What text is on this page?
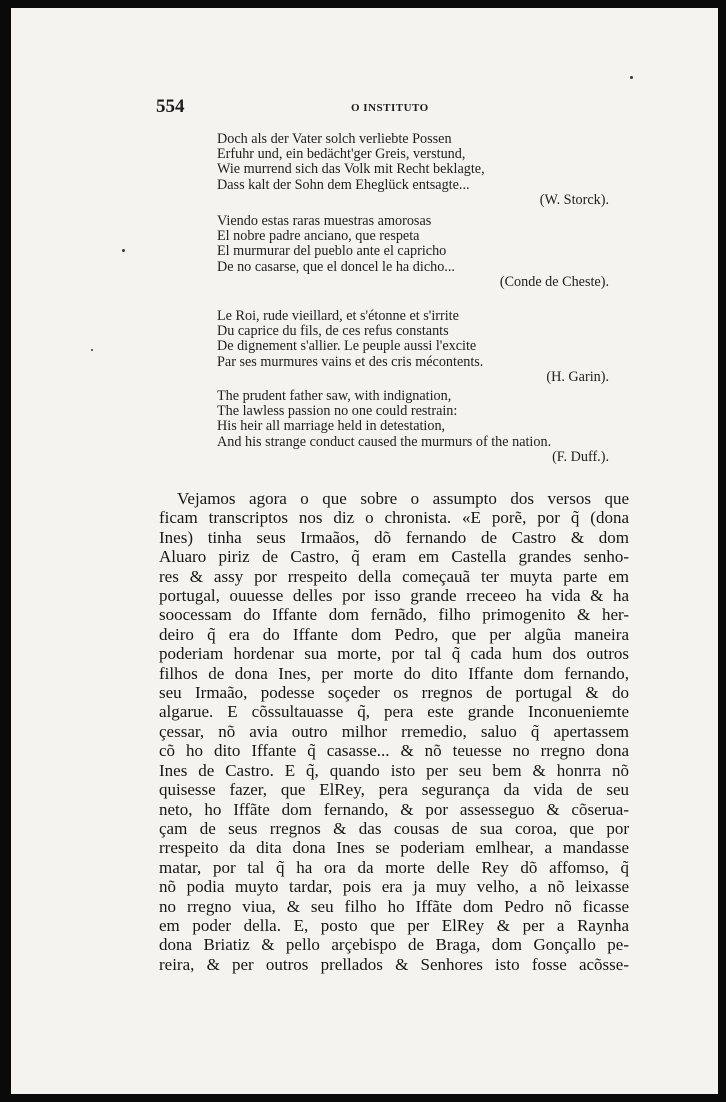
554	O INSTITUTO
Doch als der Vater solch verliebte Possen
Erfuhr und, ein bedächt'ger Greis, verstund,
Wie murrend sich das Volk mit Recht beklagte,
Dass kalt der Sohn dem Eheglück entsagte...
(W. Storck).
Viendo estas raras muestras amorosas
El nobre padre anciano, que respeta
El murmurar del pueblo ante el capricho
De no casarse, que el doncel le ha dicho...
(Conde de Cheste).
Le Roi, rude vieillard, et s'étonne et s'irrite
Du caprice du fils, de ces refus constants
De dignement s'allier. Le peuple aussi l'excite
Par ses murmures vains et des cris mécontents.
(H. Garin).
The prudent father saw, with indignation,
The lawless passion no one could restrain:
His heir all marriage held in detestation,
And his strange conduct caused the murmurs of the nation.
(F. Duff.).
Vejamos agora o que sobre o assumpto dos versos que
ficam transcriptos nos diz o chronista. «E porẽ, por q̃ (dona
Ines) tinha seus Irmaãos, dõ fernando de Castro & dom
Aluaro piriz de Castro, q̃ eram em Castella grandes senho-
res & assy por rrespeito della começauã ter muyta parte em
portugal, ouuesse delles por isso grande rreceeo ha vida & ha
soocessam do Iffante dom fernãdo, filho primogenito & her-
deiro q̃ era do Iffante dom Pedro, que per algũa maneira
poderiam hordenar sua morte, por tal q̃ cada hum dos outros
filhos de dona Ines, per morte do dito Iffante dom fernando,
seu Irmaão, podesse soçeder os rregnos de portugal & do
algarue. E cõssultauasse q̃, pera este grande Inconueniemte
çessar, nõ avia outro milhor rremedio, saluo q̃ apertassem
cõ ho dito Iffante q̃ casasse... & nõ teuesse no rregno dona
Ines de Castro. E q̃, quando isto per seu bem & honrra nõ
quisesse fazer, que ElRey, pera segurança da vida de seu
neto, ho Iffãte dom fernando, & por assesseguo & cõserua-
çam de seus rregnos & das cousas de sua coroa, que por
rrespeito da dita dona Ines se poderiam emlhear, a mandasse
matar, por tal q̃ ha ora da morte delle Rey dõ affomso, q̃
nõ podia muyto tardar, pois era ja muy velho, a nõ leixasse
no rregno viua, & seu filho ho Iffãte dom Pedro nõ ficasse
em poder della. E, posto que per ElRey & per a Raynha
dona Briatiz & pello arçebispo de Braga, dom Gonçallo pe-
reira, & per outros prellados & Senhores isto fosse acõsse-
